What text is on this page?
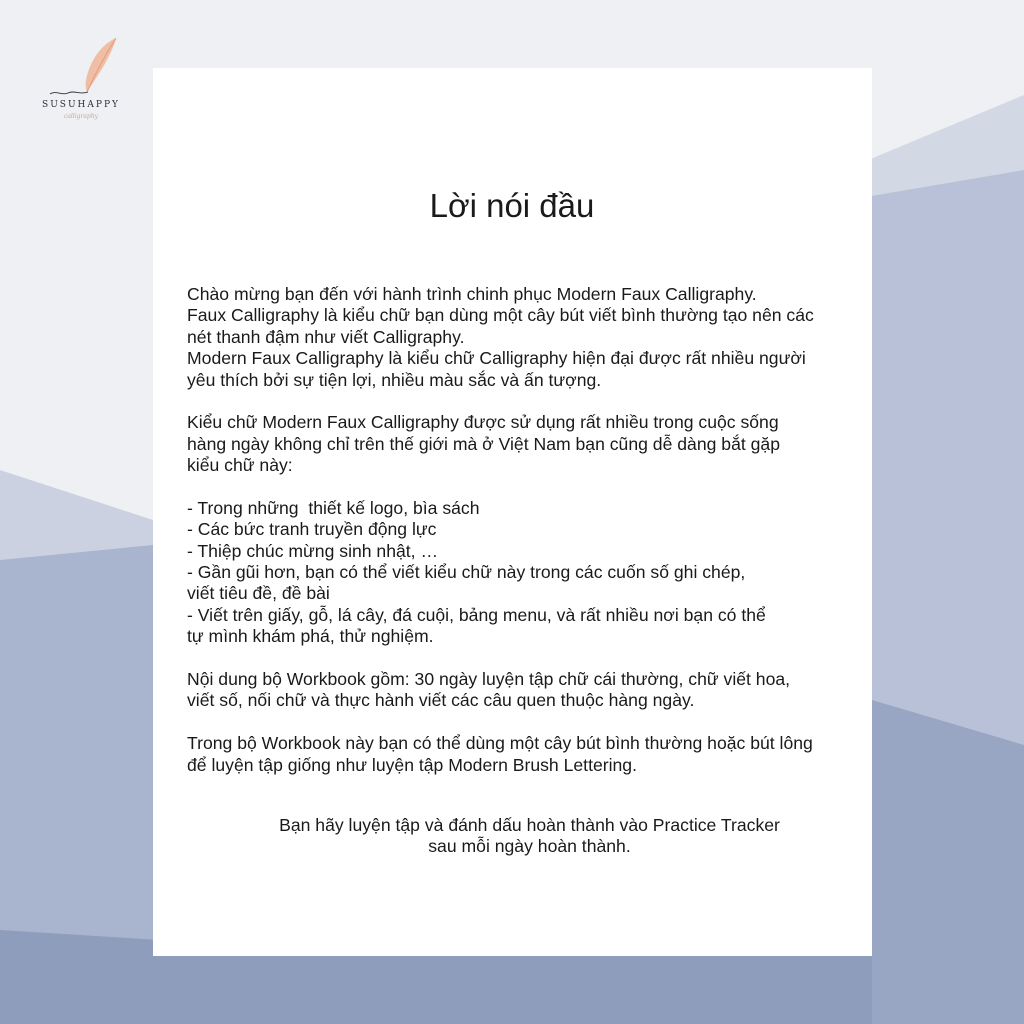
SUSUHAPPY
calligraphy
Lời nói đầu
Chào mừng bạn đến với hành trình chinh phục Modern Faux Calligraphy.
Faux Calligraphy là kiểu chữ bạn dùng một cây bút viết bình thường tạo nên các
nét thanh đậm như viết Calligraphy.
Modern Faux Calligraphy là kiểu chữ Calligraphy hiện đại được rất nhiều người
yêu thích bởi sự tiện lợi, nhiều màu sắc và ấn tượng.
Kiểu chữ Modern Faux Calligraphy được sử dụng rất nhiều trong cuộc sống
hàng ngày không chỉ trên thế giới mà ở Việt Nam bạn cũng dễ dàng bắt gặp
kiểu chữ này:
- Trong những  thiết kế logo, bìa sách
- Các bức tranh truyền động lực
- Thiệp chúc mừng sinh nhật, …
- Gần gũi hơn, bạn có thể viết kiểu chữ này trong các cuốn số ghi chép,
viết tiêu đề, đề bài
- Viết trên giấy, gỗ, lá cây, đá cuội, bảng menu, và rất nhiều nơi bạn có thể
tự mình khám phá, thử nghiệm.
Nội dung bộ Workbook gồm: 30 ngày luyện tập chữ cái thường, chữ viết hoa,
viết số, nối chữ và thực hành viết các câu quen thuộc hàng ngày.
Trong bộ Workbook này bạn có thể dùng một cây bút bình thường hoặc bút lông
để luyện tập giống như luyện tập Modern Brush Lettering.
Bạn hãy luyện tập và đánh dấu hoàn thành vào Practice Tracker
sau mỗi ngày hoàn thành.
